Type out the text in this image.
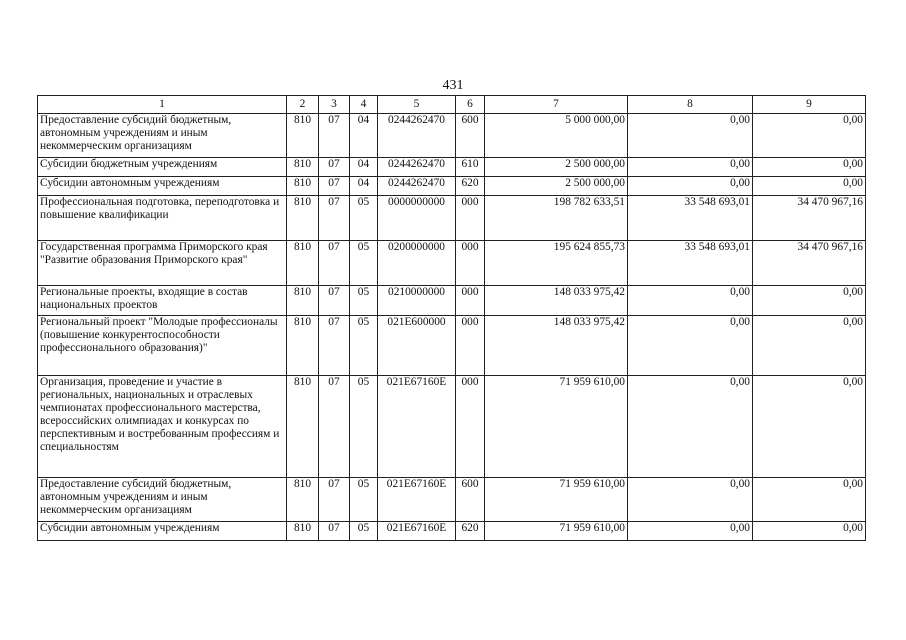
431
1	2	3	4	5	6	7	8	9
Предоставление субсидий бюджетным, автономным учреждениям и иным некоммерческим организациям	810	07	04	0244262470	600	5 000 000,00	0,00	0,00
Субсидии бюджетным учреждениям	810	07	04	0244262470	610	2 500 000,00	0,00	0,00
Субсидии автономным учреждениям	810	07	04	0244262470	620	2 500 000,00	0,00	0,00
Профессиональная подготовка, переподготовка и повышение квалификации	810	07	05	0000000000	000	198 782 633,51	33 548 693,01	34 470 967,16
Государственная программа Приморского края "Развитие образования Приморского края"	810	07	05	0200000000	000	195 624 855,73	33 548 693,01	34 470 967,16
Региональные проекты, входящие в состав национальных проектов	810	07	05	0210000000	000	148 033 975,42	0,00	0,00
Региональный проект "Молодые профессионалы (повышение конкурентоспособности профессионального образования)"	810	07	05	021E600000	000	148 033 975,42	0,00	0,00
Организация, проведение и участие в региональных, национальных и отраслевых чемпионатах профессионального мастерства, всероссийских олимпиадах и конкурсах по перспективным и востребованным профессиям и специальностям	810	07	05	021E67160E	000	71 959 610,00	0,00	0,00
Предоставление субсидий бюджетным, автономным учреждениям и иным некоммерческим организациям	810	07	05	021E67160E	600	71 959 610,00	0,00	0,00
Субсидии автономным учреждениям	810	07	05	021E67160E	620	71 959 610,00	0,00	0,00
